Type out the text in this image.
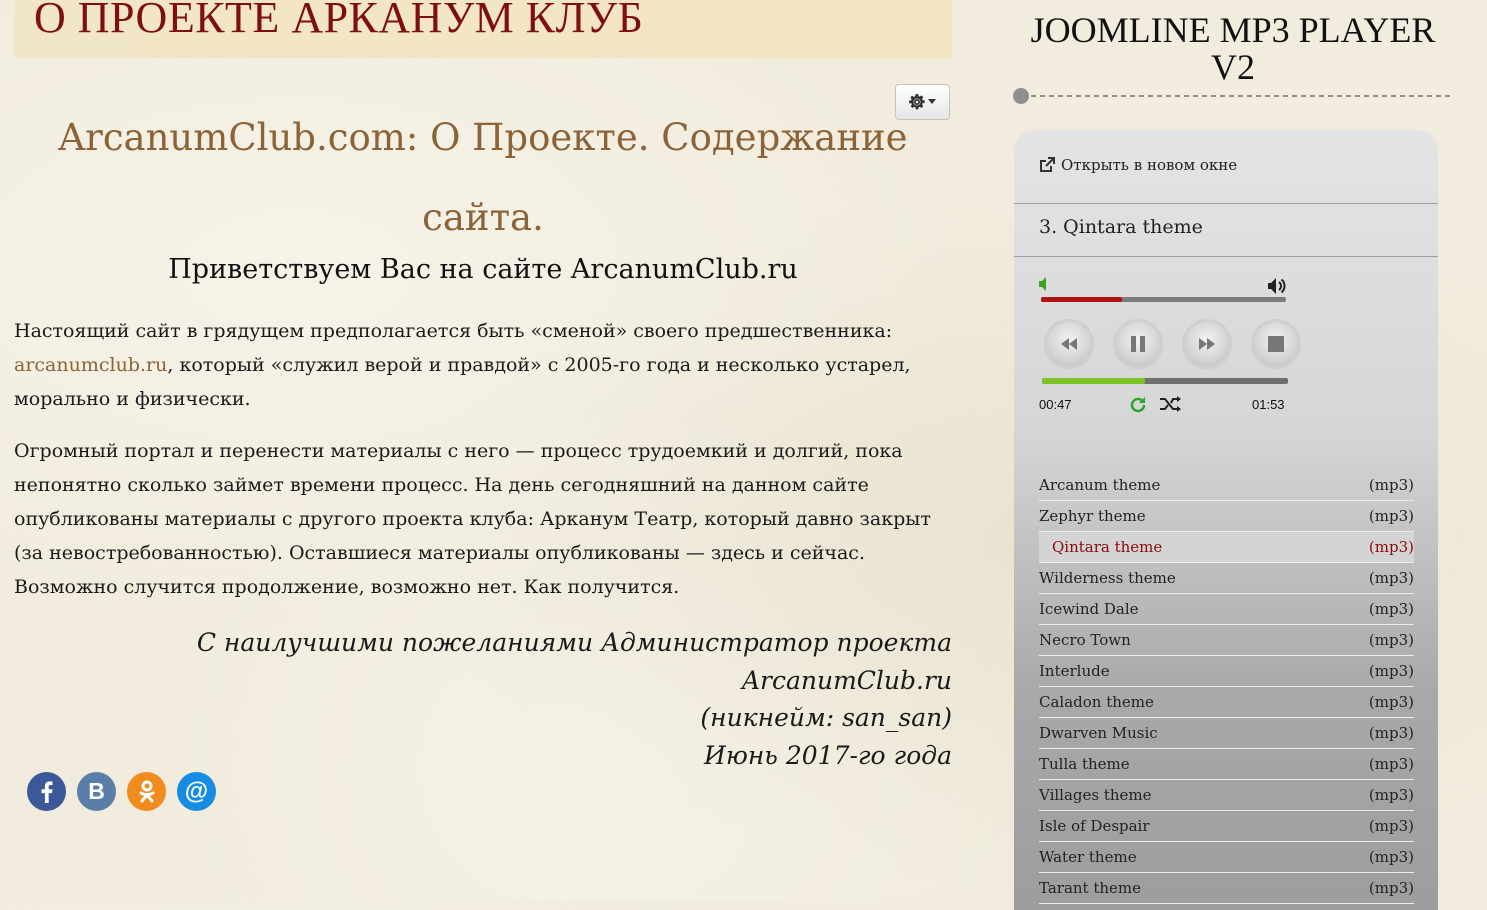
О ПРОЕКТЕ АРКАНУМ КЛУБ
ArcanumClub.com: О Проекте. Содержание
сайта.
Приветствуем Вас на сайте ArcanumClub.ru

Настоящий сайт в грядущем предполагается быть «сменой» своего предшественника: arcanumclub.ru, который «служил верой и правдой» с 2005-го года и несколько устарел, морально и физически.

Огромный портал и перенести материалы с него — процесс трудоемкий и долгий, пока непонятно сколько займет времени процесс. На день сегодняшний на данном сайте опубликованы материалы с другого проекта клуба: Арканум Театр, который давно закрыт (за невостребованностью). Оставшиеся материалы опубликованы — здесь и сейчас. Возможно случится продолжение, возможно нет. Как получится.

С наилучшими пожеланиями Администратор проекта ArcanumClub.ru
(никнейм: san_san)
Июнь 2017-го года
B	@
JOOMLINE MP3 PLAYER V2
Открыть в новом окне
3. Qintara theme
00:47	01:53
Arcanum theme	(mp3)
Zephyr theme	(mp3)
Qintara theme	(mp3)
Wilderness theme	(mp3)
Icewind Dale	(mp3)
Necro Town	(mp3)
Interlude	(mp3)
Caladon theme	(mp3)
Dwarven Music	(mp3)
Tulla theme	(mp3)
Villages theme	(mp3)
Isle of Despair	(mp3)
Water theme	(mp3)
Tarant theme	(mp3)
